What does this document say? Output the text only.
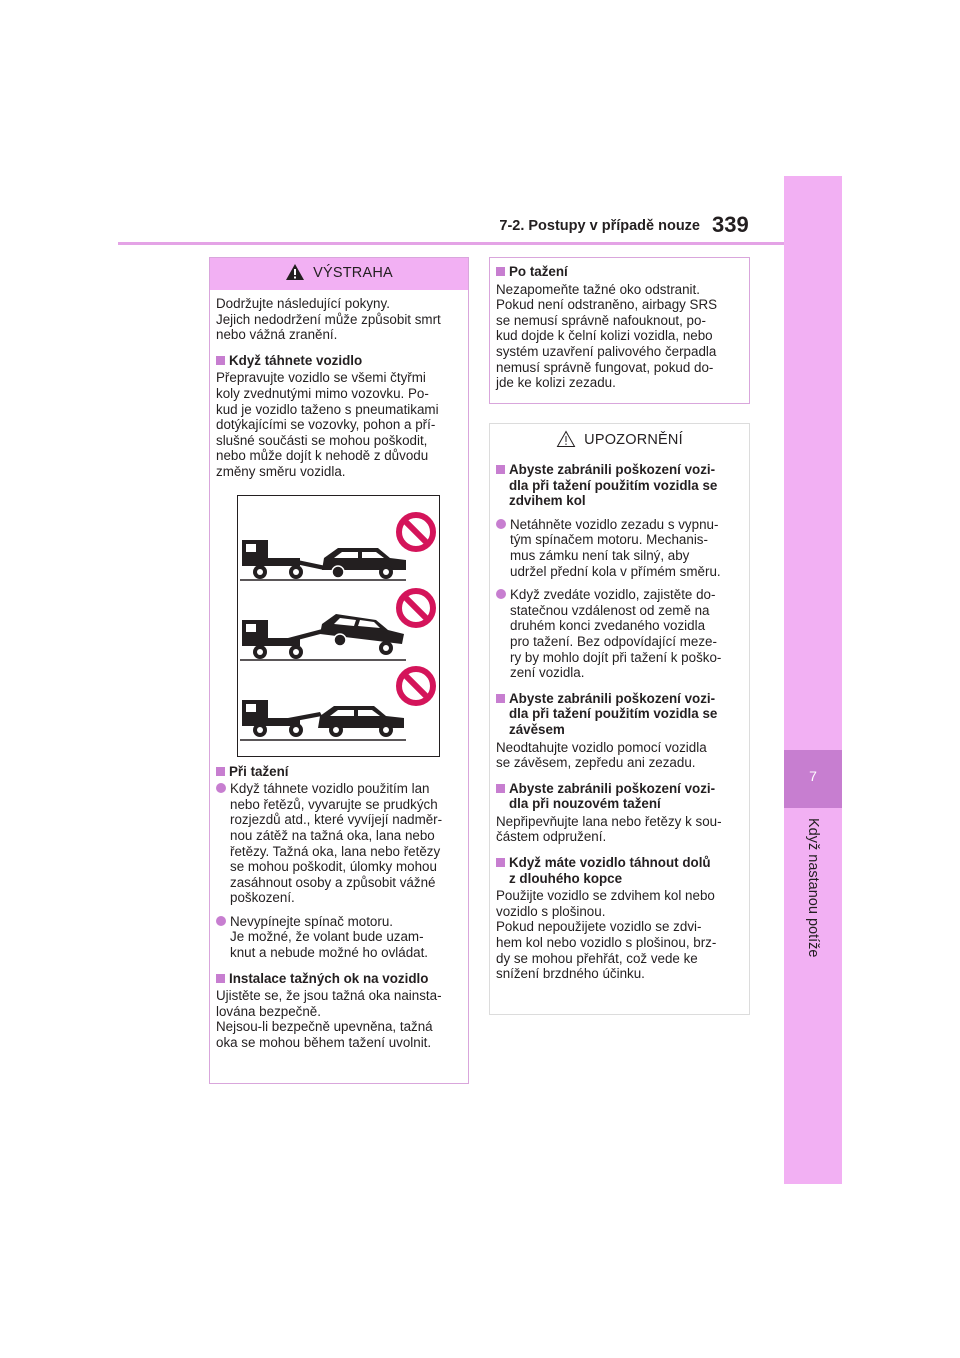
7-2. Postupy v případě nouze 339
7
Když nastanou potíže
VÝSTRAHA
Dodržujte následující pokyny.
Jejich nedodržení může způsobit smrt
nebo vážná zranění.
Když táhnete vozidlo
Přepravujte vozidlo se všemi čtyřmi
koly zvednutými mimo vozovku. Po-
kud je vozidlo taženo s pneumatikami
dotýkajícími se vozovky, pohon a pří-
slušné součásti se mohou poškodit,
nebo může dojít k nehodě z důvodu
změny směru vozidla.
Při tažení
Když táhnete vozidlo použitím lan
nebo řetězů, vyvarujte se prudkých
rozjezdů atd., které vyvíjejí nadměr-
nou zátěž na tažná oka, lana nebo
řetězy. Tažná oka, lana nebo řetězy
se mohou poškodit, úlomky mohou
zasáhnout osoby a způsobit vážné
poškození.
Nevypínejte spínač motoru.
Je možné, že volant bude uzam-
knut a nebude možné ho ovládat.
Instalace tažných ok na vozidlo
Ujistěte se, že jsou tažná oka nainsta-
lována bezpečně.
Nejsou-li bezpečně upevněna, tažná
oka se mohou během tažení uvolnit.
Po tažení
Nezapomeňte tažné oko odstranit.
Pokud není odstraněno, airbagy SRS
se nemusí správně nafouknout, po-
kud dojde k čelní kolizi vozidla, nebo
systém uzavření palivového čerpadla
nemusí správně fungovat, pokud do-
jde ke kolizi zezadu.
UPOZORNĚNÍ
Abyste zabránili poškození vozi-
dla při tažení použitím vozidla se
zdvihem kol
Netáhněte vozidlo zezadu s vypnu-
tým spínačem motoru. Mechanis-
mus zámku není tak silný, aby
udržel přední kola v přímém směru.
Když zvedáte vozidlo, zajistěte do-
statečnou vzdálenost od země na
druhém konci zvedaného vozidla
pro tažení. Bez odpovídající meze-
ry by mohlo dojít při tažení k poško-
zení vozidla.
Abyste zabránili poškození vozi-
dla při tažení použitím vozidla se
závěsem
Neodtahujte vozidlo pomocí vozidla
se závěsem, zepředu ani zezadu.
Abyste zabránili poškození vozi-
dla při nouzovém tažení
Nepřipevňujte lana nebo řetězy k sou-
částem odpružení.
Když máte vozidlo táhnout dolů
z dlouhého kopce
Použijte vozidlo se zdvihem kol nebo
vozidlo s plošinou.
Pokud nepoužijete vozidlo se zdvi-
hem kol nebo vozidlo s plošinou, brz-
dy se mohou přehřát, což vede ke
snížení brzdného účinku.
